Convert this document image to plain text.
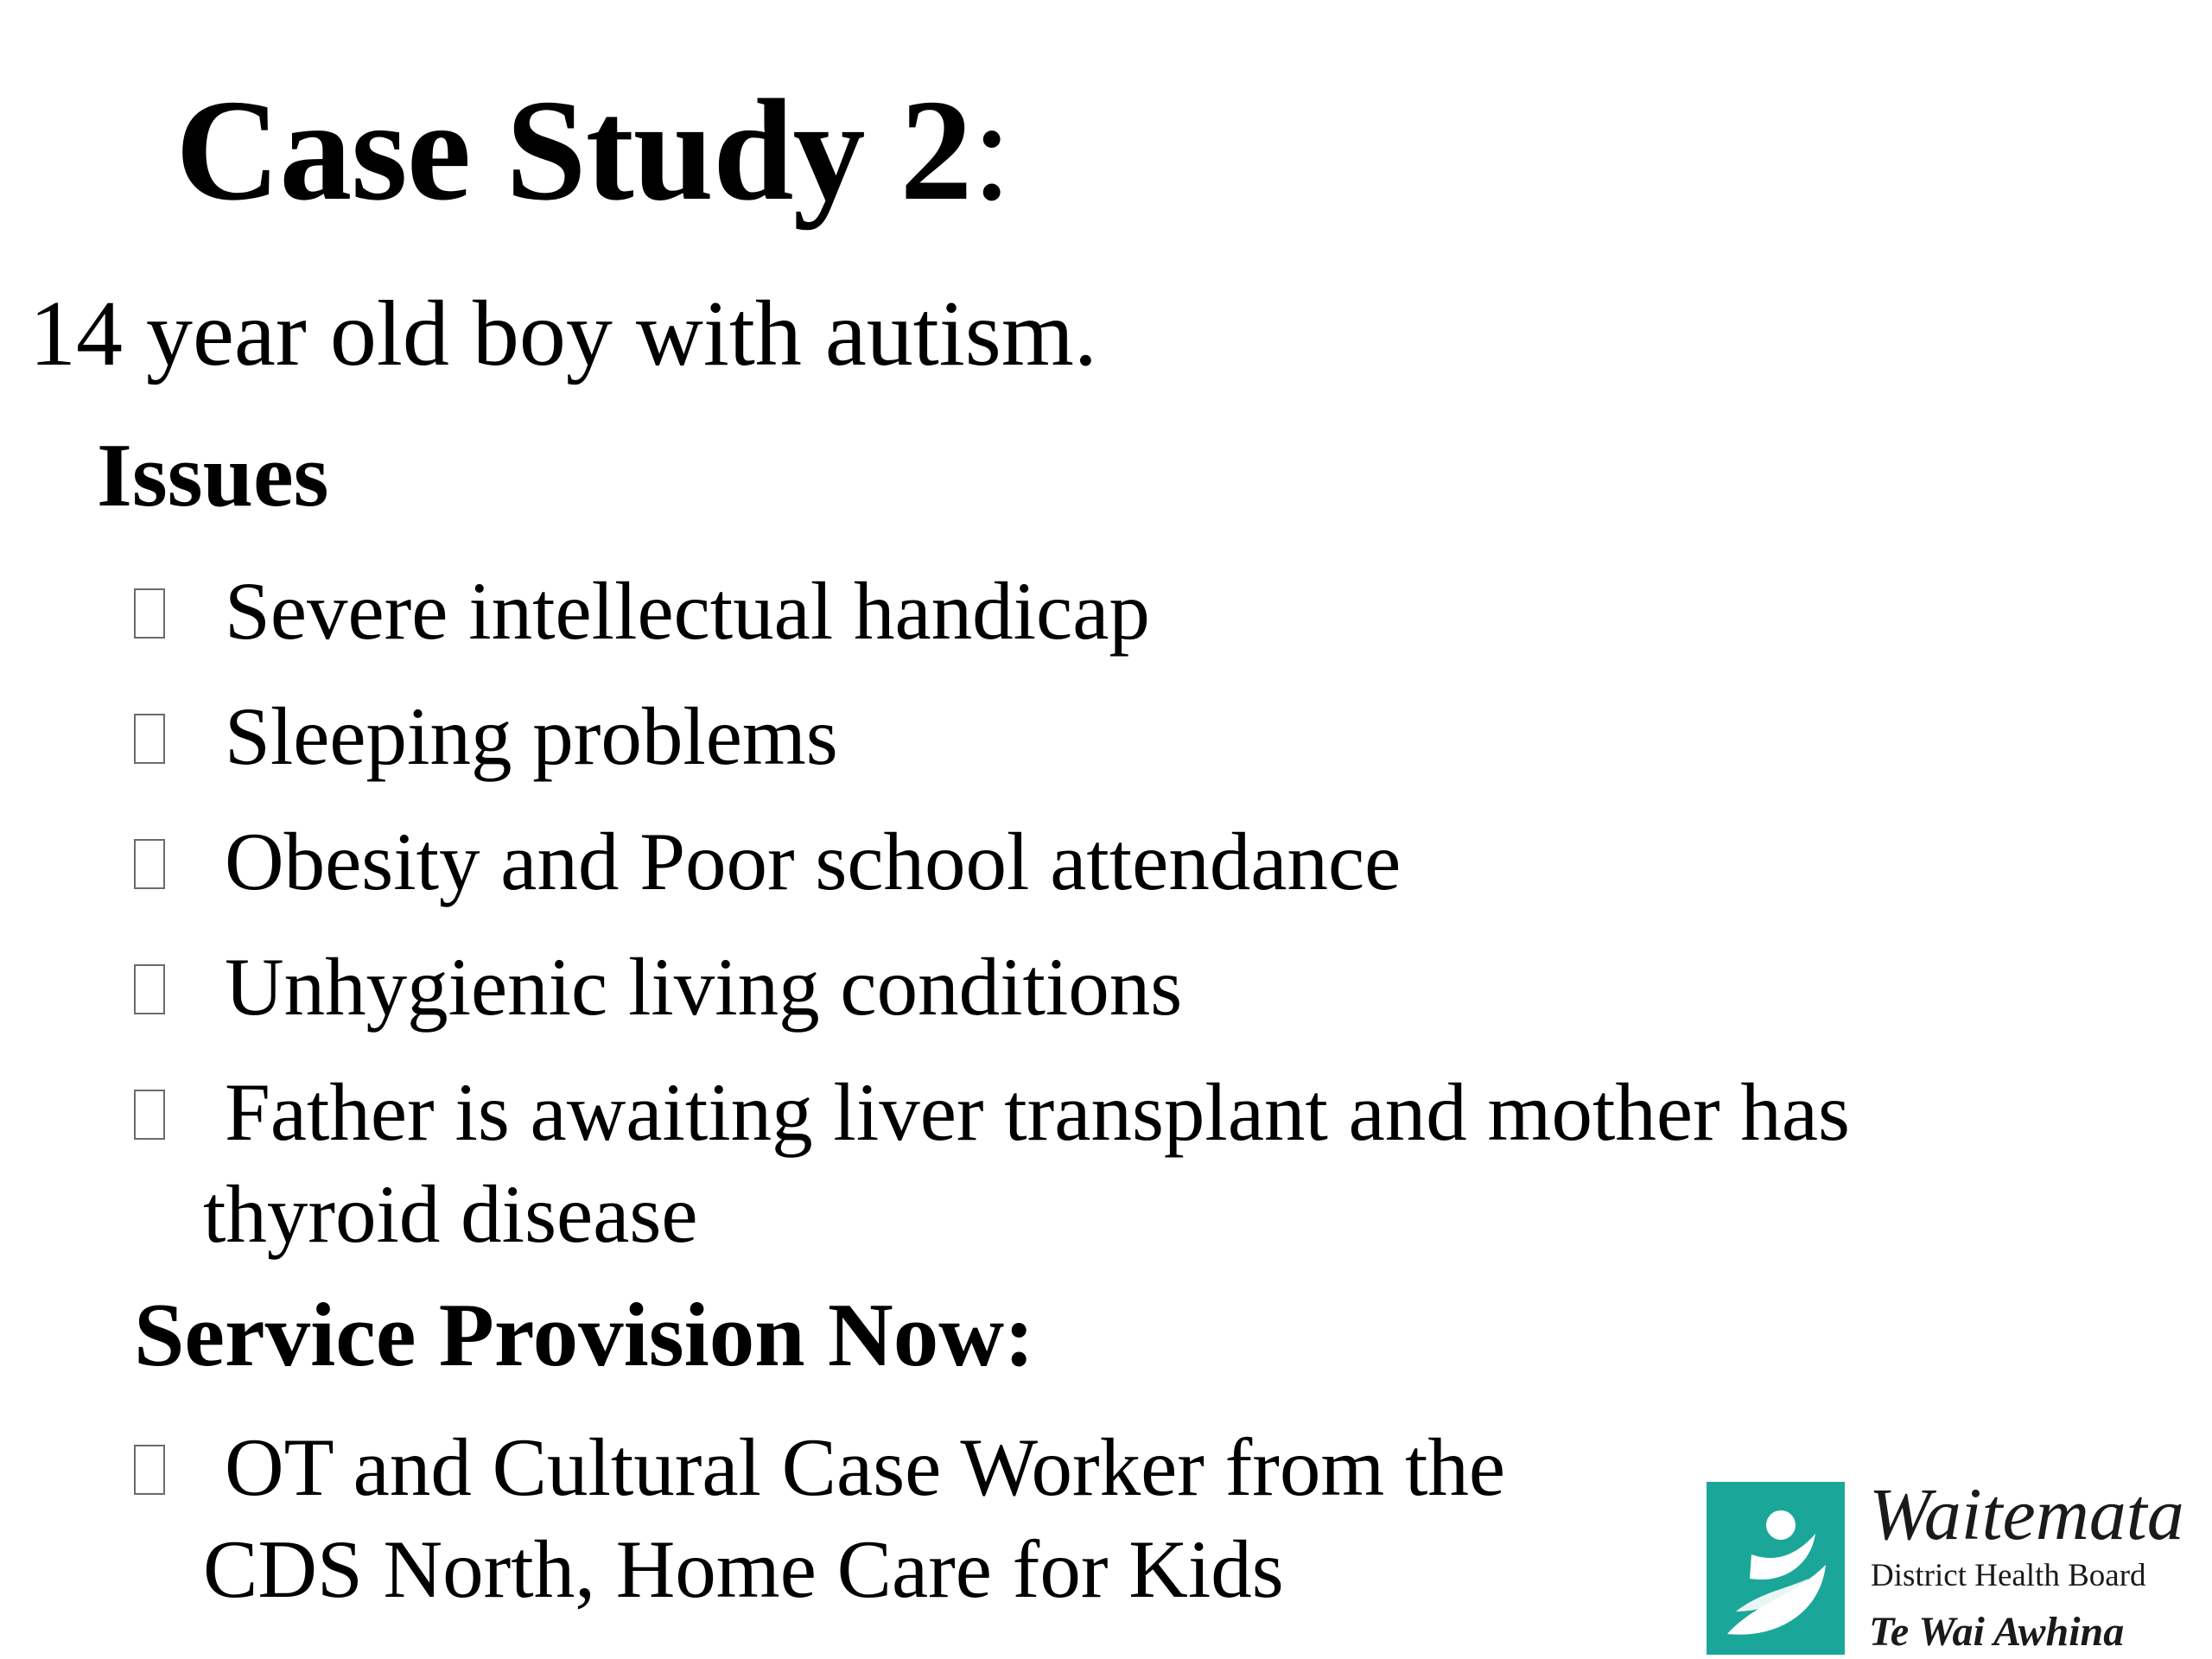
Case Study 2:
14 year old boy with autism.
Issues
Severe intellectual handicap
Sleeping problems
Obesity and Poor school attendance
Unhygienic living conditions
Father is awaiting liver transplant and mother has
thyroid disease
Service Provision Now:
OT and Cultural Case Worker from the
CDS North, Home Care for Kids
Waitemata
District Health Board
Te Wai Awhina
